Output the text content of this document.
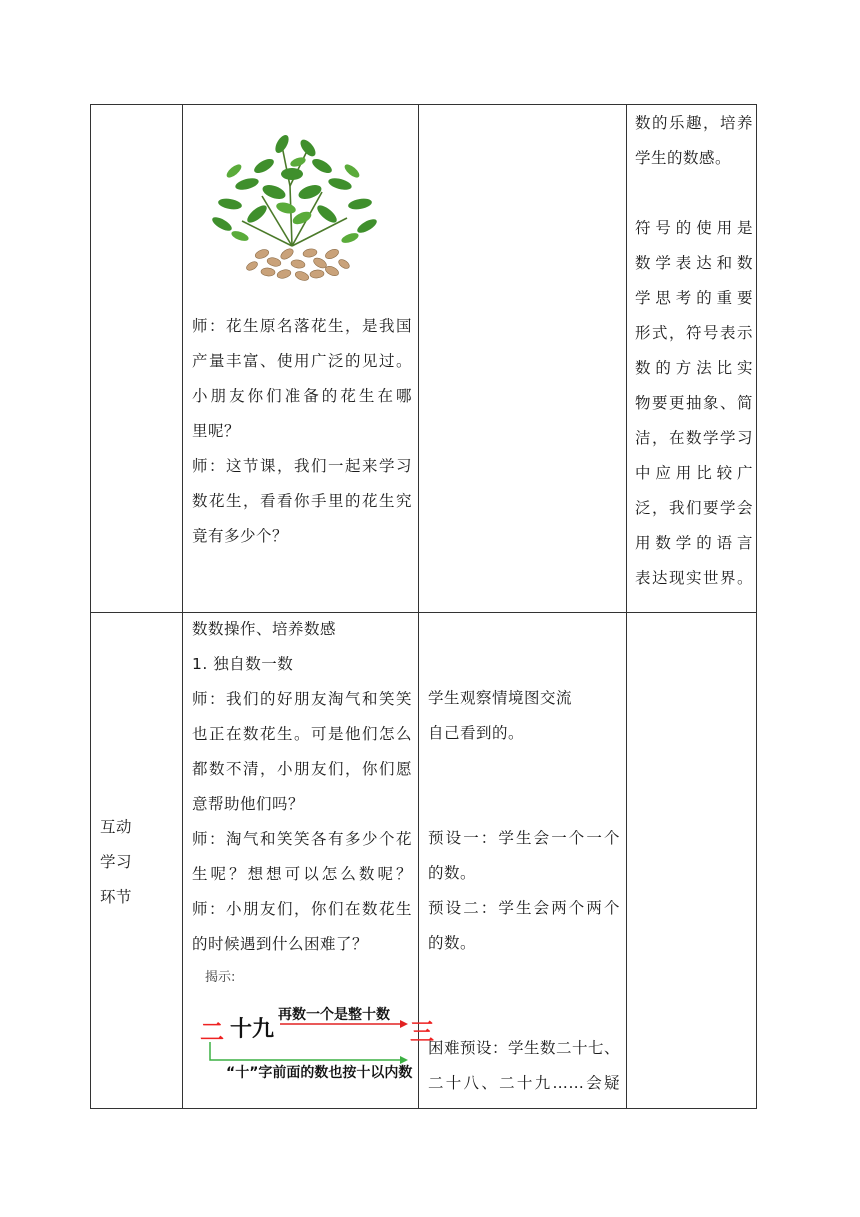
师：花生原名落花生，是我国
产量丰富、使用广泛的见过。
小朋友你们准备的花生在哪
里呢？
师：这节课，我们一起来学习
数花生，看看你手里的花生究
竟有多少个？
数的乐趣，培养
学生的数感。
符号的使用是
数学表达和数
学思考的重要
形式，符号表示
数的方法比实
物要更抽象、简
洁，在数学学习
中应用比较广
泛，我们要学会
用数学的语言
表达现实世界。
互动
学习
环节
数数操作、培养数感
1. 独自数一数
师：我们的好朋友淘气和笑笑
也正在数花生。可是他们怎么
都数不清，小朋友们，你们愿
意帮助他们吗？
师：淘气和笑笑各有多少个花
生呢？想想可以怎么数呢？
师：小朋友们，你们在数花生
的时候遇到什么困难了？
揭示:
再数一个是整十数
二 十九	三
“十”字前面的数也按十以内数
学生观察情境图交流
自己看到的。
预设一：学生会一个一个
的数。
预设二：学生会两个两个
的数。
困难预设：学生数二十七、
二十八、二十九……会疑
